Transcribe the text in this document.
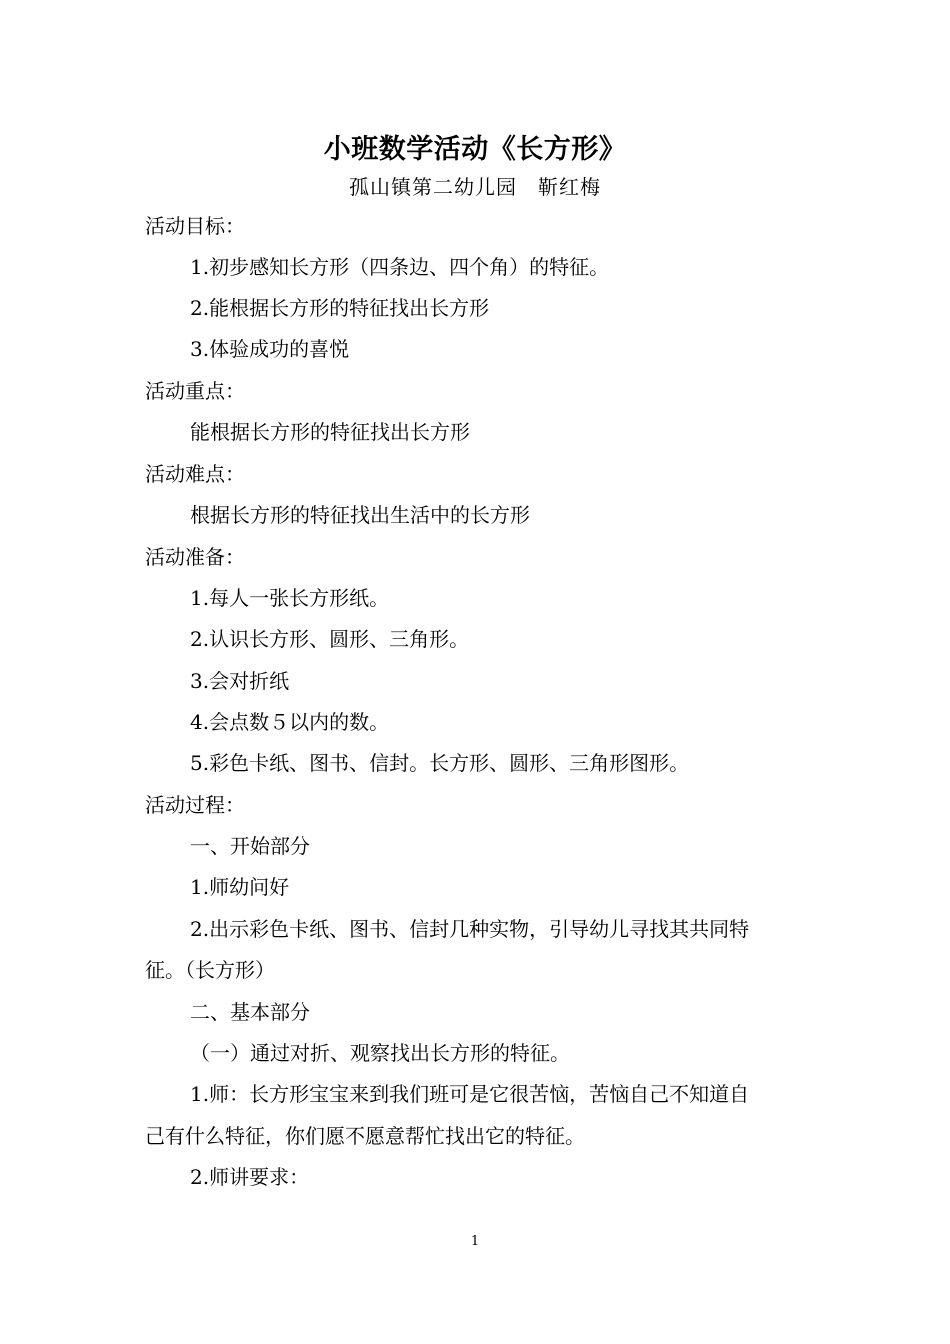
小班数学活动《长方形》
孤山镇第二幼儿园　靳红梅
活动目标：
1.初步感知长方形（四条边、四个角）的特征。
2.能根据长方形的特征找出长方形
3.体验成功的喜悦
活动重点：
能根据长方形的特征找出长方形
活动难点：
根据长方形的特征找出生活中的长方形
活动准备：
1.每人一张长方形纸。
2.认识长方形、圆形、三角形。
3.会对折纸
4.会点数５以内的数。
5.彩色卡纸、图书、信封。长方形、圆形、三角形图形。
活动过程：
一、开始部分
1.师幼问好
2.出示彩色卡纸、图书、信封几种实物，引导幼儿寻找其共同特
征。（长方形）
二、基本部分
（一）通过对折、观察找出长方形的特征。
1.师：长方形宝宝来到我们班可是它很苦恼，苦恼自己不知道自
己有什么特征，你们愿不愿意帮忙找出它的特征。
2.师讲要求：
1
